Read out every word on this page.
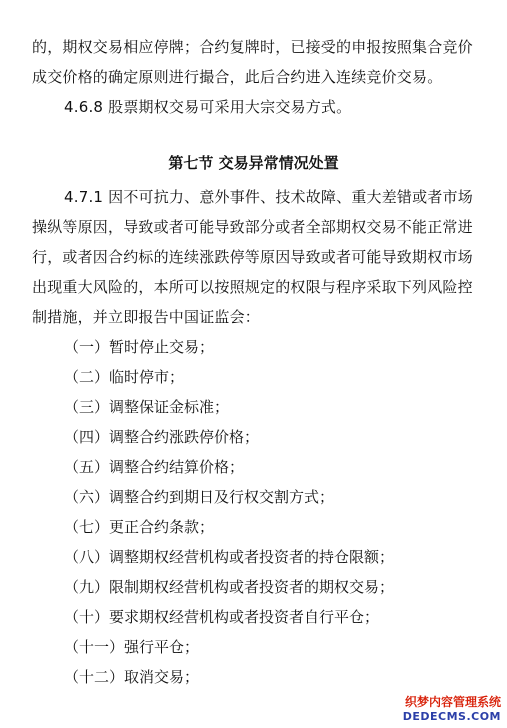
的，期权交易相应停牌；合约复牌时，已接受的申报按照集合竞价
成交价格的确定原则进行撮合，此后合约进入连续竞价交易。
4.6.8 股票期权交易可采用大宗交易方式。
第七节 交易异常情况处置
4.7.1 因不可抗力、意外事件、技术故障、重大差错或者市场
操纵等原因，导致或者可能导致部分或者全部期权交易不能正常进
行，或者因合约标的连续涨跌停等原因导致或者可能导致期权市场
出现重大风险的，本所可以按照规定的权限与程序采取下列风险控
制措施，并立即报告中国证监会：
（一）暂时停止交易；
（二）临时停市；
（三）调整保证金标准；
（四）调整合约涨跌停价格；
（五）调整合约结算价格；
（六）调整合约到期日及行权交割方式；
（七）更正合约条款；
（八）调整期权经营机构或者投资者的持仓限额；
（九）限制期权经营机构或者投资者的期权交易；
（十）要求期权经营机构或者投资者自行平仓；
（十一）强行平仓；
（十二）取消交易；
织梦内容管理系统
DEDECMS.COM
